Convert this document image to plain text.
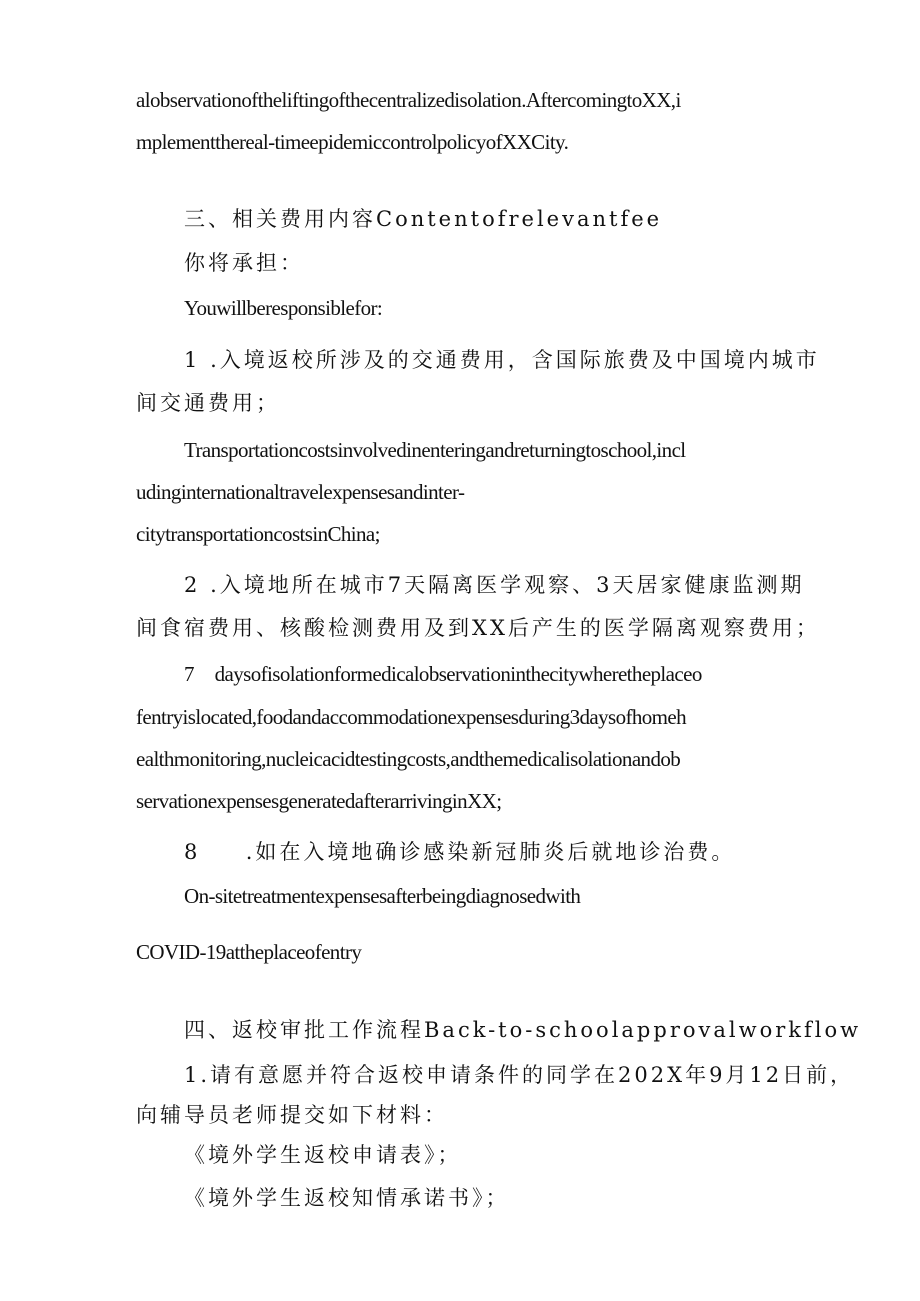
alobservationoftheliftingofthecentralizedisolation.AftercomingtoXX,i

mplementthereal-timeepidemiccontrolpolicyofXXCity.

三、相关费用内容Contentofrelevantfee

你将承担：

Youwillberesponsiblefor:

1 .入境返校所涉及的交通费用，含国际旅费及中国境内城市

间交通费用；

Transportationcostsinvolvedinenteringandreturningtoschool,incl

udinginternationaltravelexpensesandinter-

citytransportationcostsinChina;

2 .入境地所在城市7天隔离医学观察、3天居家健康监测期

间食宿费用、核酸检测费用及到XX后产生的医学隔离观察费用；

7 daysofisolationformedicalobservationinthecitywheretheplaceo

fentryislocated,foodandaccommodationexpensesduring3daysofhomeh

ealthmonitoring,nucleicacidtestingcosts,andthemedicalisolationandob

servationexpensesgeneratedafterarrivinginXX;

8 .如在入境地确诊感染新冠肺炎后就地诊治费。

On-sitetreatmentexpensesafterbeingdiagnosedwith

COVID-19attheplaceofentry

四、返校审批工作流程Back-to-schoolapprovalworkflow

1.请有意愿并符合返校申请条件的同学在202X年9月12日前，

向辅导员老师提交如下材料：

《境外学生返校申请表》；

《境外学生返校知情承诺书》；
